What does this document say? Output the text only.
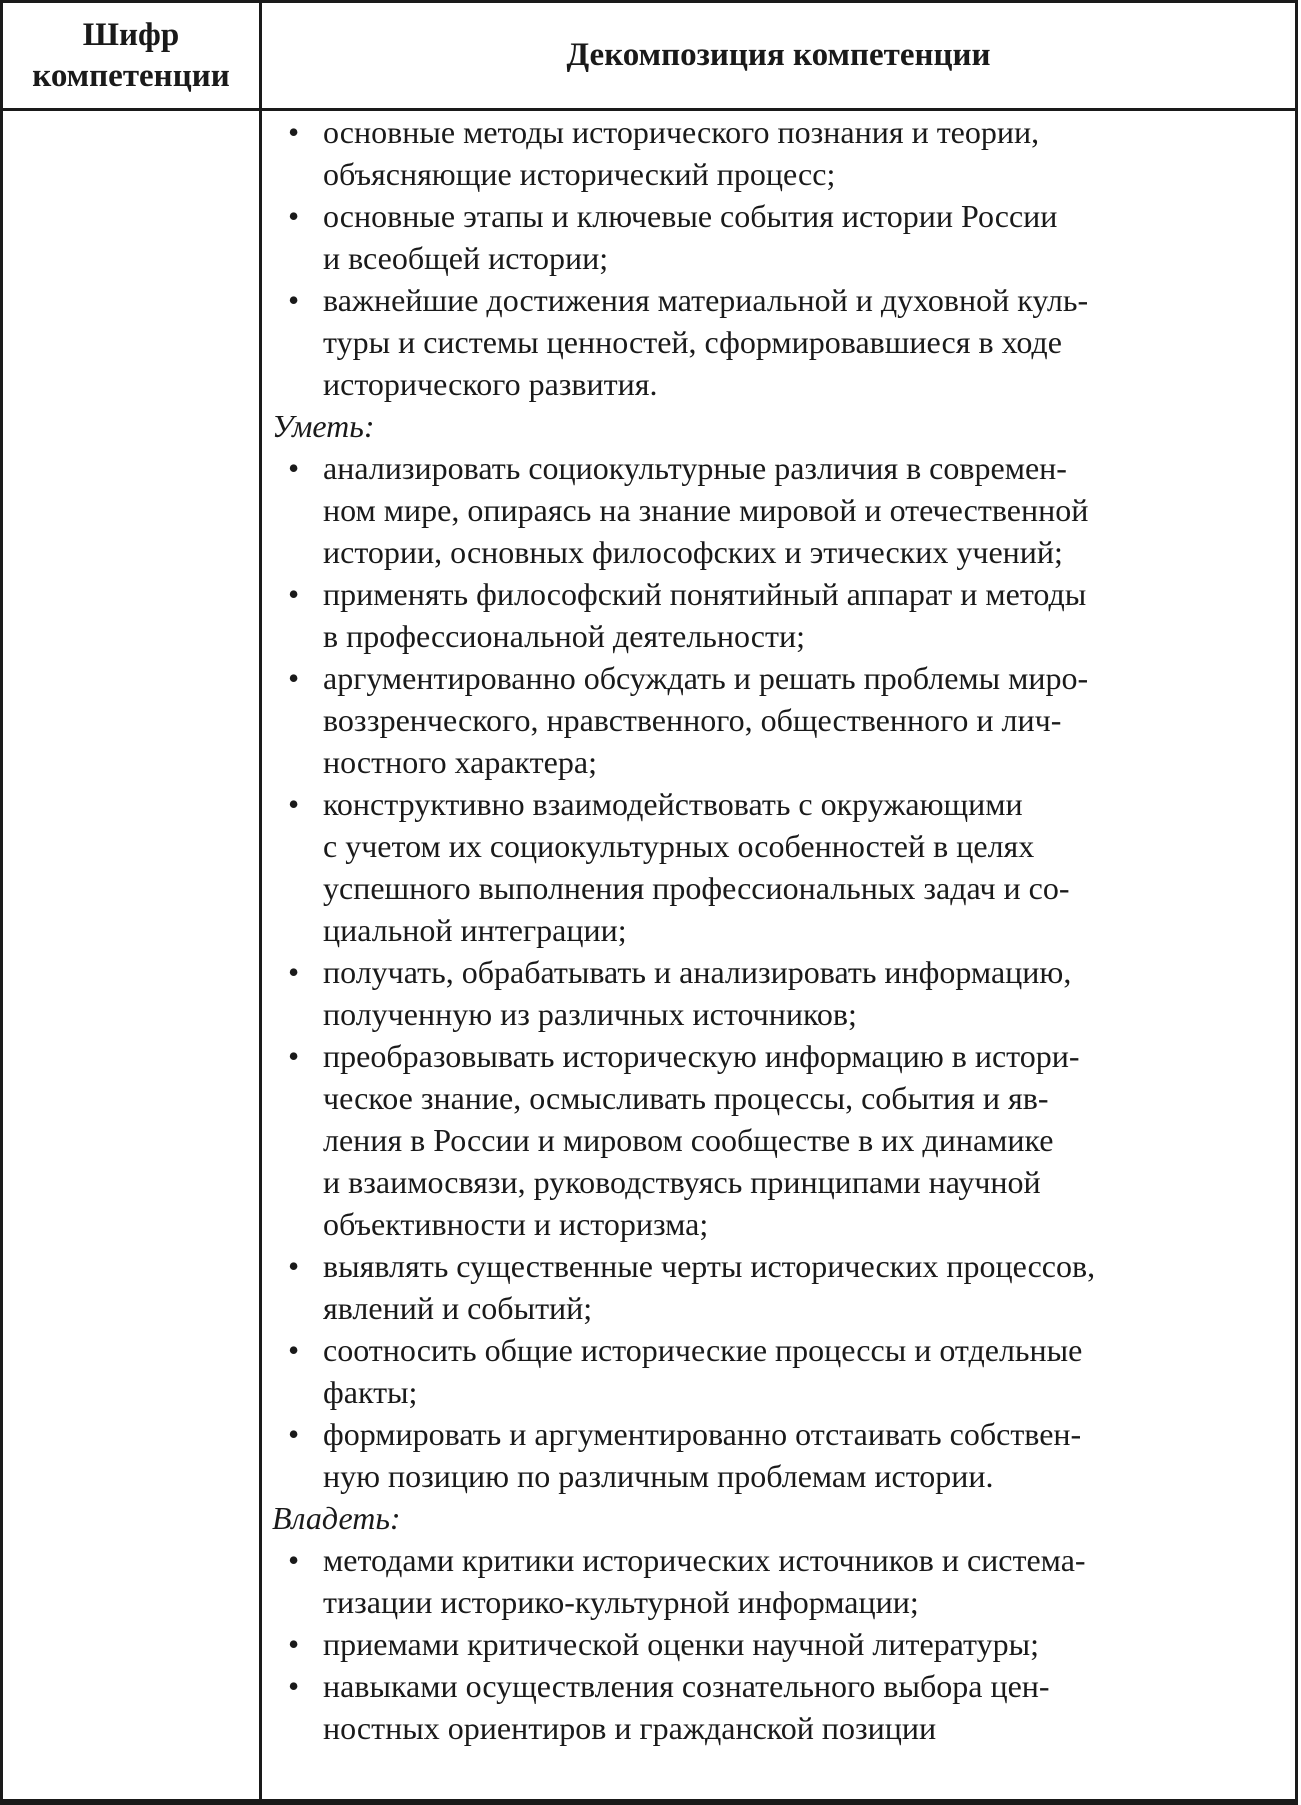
Шифр
компетенции
Декомпозиция компетенции
• основные методы исторического познания и теории,
объясняющие исторический процесс;
• основные этапы и ключевые события истории России
и всеобщей истории;
• важнейшие достижения материальной и духовной куль-
туры и системы ценностей, сформировавшиеся в ходе
исторического развития.
Уметь:
• анализировать социокультурные различия в современ-
ном мире, опираясь на знание мировой и отечественной
истории, основных философских и этических учений;
• применять философский понятийный аппарат и методы
в профессиональной деятельности;
• аргументированно обсуждать и решать проблемы миро-
воззренческого, нравственного, общественного и лич-
ностного характера;
• конструктивно взаимодействовать с окружающими
с учетом их социокультурных особенностей в целях
успешного выполнения профессиональных задач и со-
циальной интеграции;
• получать, обрабатывать и анализировать информацию,
полученную из различных источников;
• преобразовывать историческую информацию в истори-
ческое знание, осмысливать процессы, события и яв-
ления в России и мировом сообществе в их динамике
и взаимосвязи, руководствуясь принципами научной
объективности и историзма;
• выявлять существенные черты исторических процессов,
явлений и событий;
• соотносить общие исторические процессы и отдельные
факты;
• формировать и аргументированно отстаивать собствен-
ную позицию по различным проблемам истории.
Владеть:
• методами критики исторических источников и система-
тизации историко-культурной информации;
• приемами критической оценки научной литературы;
• навыками осуществления сознательного выбора цен-
ностных ориентиров и гражданской позиции
